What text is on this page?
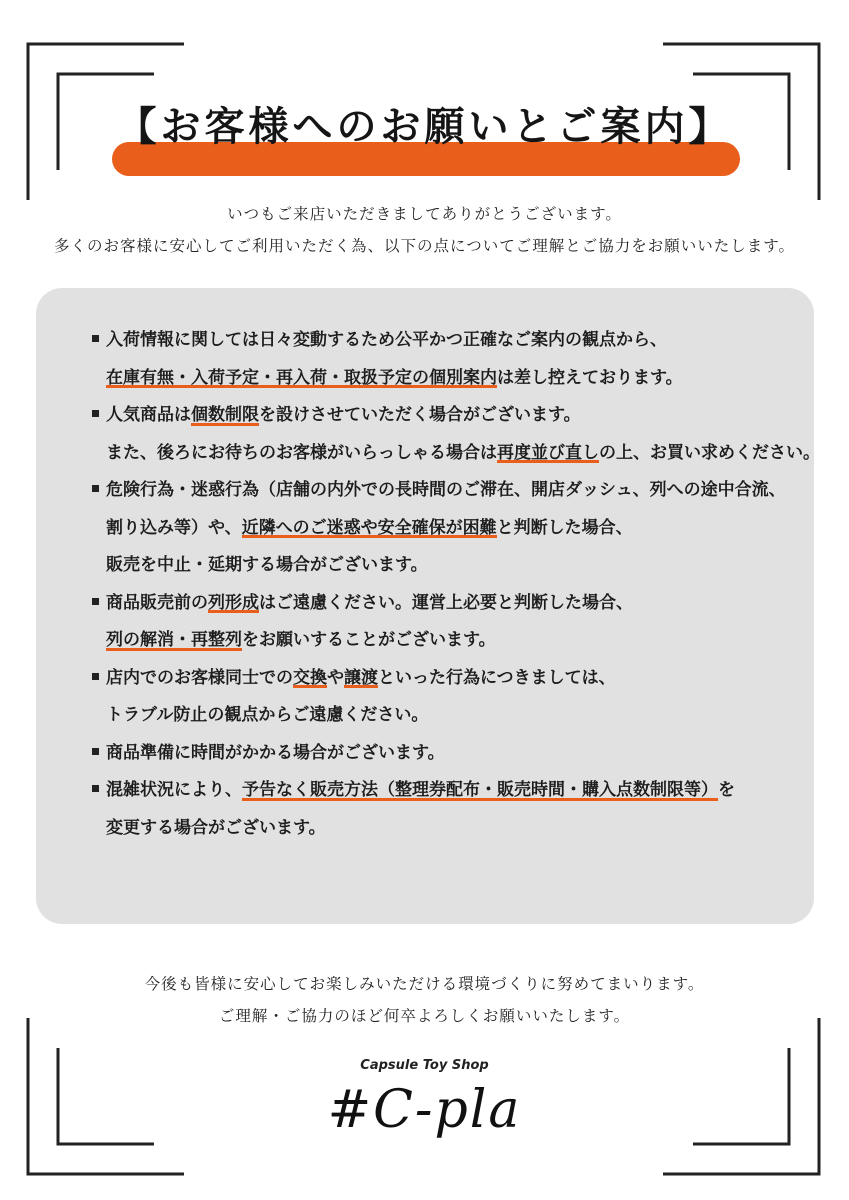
【お客様へのお願いとご案内】
いつもご来店いただきましてありがとうございます。
多くのお客様に安心してご利用いただく為、以下の点についてご理解とご協力をお願いいたします。
入荷情報に関しては日々変動するため公平かつ正確なご案内の観点から、
在庫有無・入荷予定・再入荷・取扱予定の個別案内は差し控えております。
人気商品は個数制限を設けさせていただく場合がございます。
また、後ろにお待ちのお客様がいらっしゃる場合は再度並び直しの上、お買い求めください。
危険行為・迷惑行為（店舗の内外での長時間のご滞在、開店ダッシュ、列への途中合流、
割り込み等）や、近隣へのご迷惑や安全確保が困難と判断した場合、
販売を中止・延期する場合がございます。
商品販売前の列形成はご遠慮ください。運営上必要と判断した場合、
列の解消・再整列をお願いすることがございます。
店内でのお客様同士での交換や譲渡といった行為につきましては、
トラブル防止の観点からご遠慮ください。
商品準備に時間がかかる場合がございます。
混雑状況により、予告なく販売方法（整理券配布・販売時間・購入点数制限等）を
変更する場合がございます。
今後も皆様に安心してお楽しみいただける環境づくりに努めてまいります。
ご理解・ご協力のほど何卒よろしくお願いいたします。
Capsule Toy Shop
#C-pla
